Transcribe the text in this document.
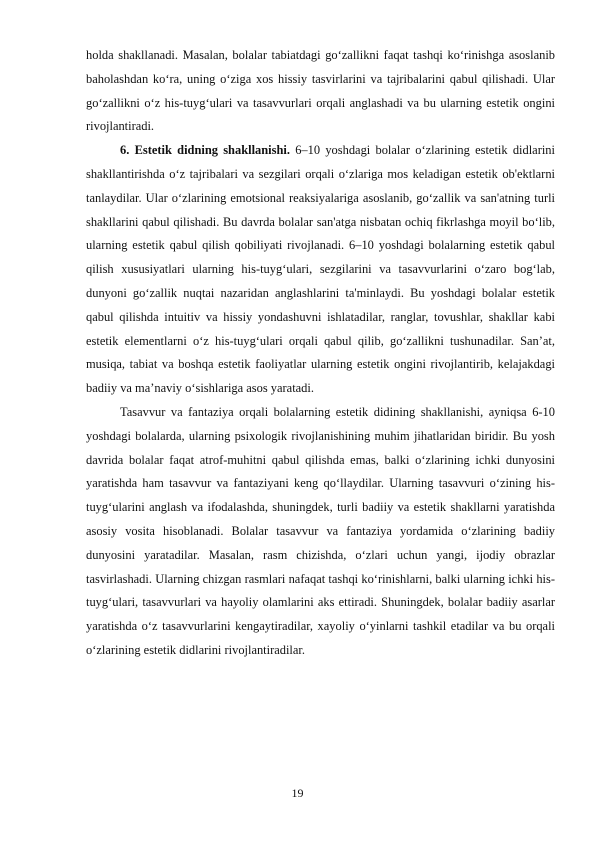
holda shakllanadi. Masalan, bolalar tabiatdagi go‘zallikni faqat tashqi ko‘rinishga asoslanib baholashdan ko‘ra, uning o‘ziga xos hissiy tasvirlarini va tajribalarini qabul qilishadi. Ular go‘zallikni o‘z his-tuyg‘ulari va tasavvurlari orqali anglashadi va bu ularning estetik ongini rivojlantiradi.

6. Estetik didning shakllanishi. 6–10 yoshdagi bolalar o‘zlarining estetik didlarini shakllantirishda o‘z tajribalari va sezgilari orqali o‘zlariga mos keladigan estetik ob'ektlarni tanlaydilar. Ular o‘zlarining emotsional reaksiyalariga asoslanib, go‘zallik va san'atning turli shakllarini qabul qilishadi. Bu davrda bolalar san'atga nisbatan ochiq fikrlashga moyil bo‘lib, ularning estetik qabul qilish qobiliyati rivojlanadi. 6–10 yoshdagi bolalarning estetik qabul qilish xususiyatlari ularning his-tuyg‘ulari, sezgilarini va tasavvurlarini o‘zaro bog‘lab, dunyoni go‘zallik nuqtai nazaridan anglashlarini ta'minlaydi. Bu yoshdagi bolalar estetik qabul qilishda intuitiv va hissiy yondashuvni ishlatadilar, ranglar, tovushlar, shakllar kabi estetik elementlarni o‘z his-tuyg‘ulari orqali qabul qilib, go‘zallikni tushunadilar. San’at, musiqa, tabiat va boshqa estetik faoliyatlar ularning estetik ongini rivojlantirib, kelajakdagi badiiy va ma’naviy o‘sishlariga asos yaratadi.

Tasavvur va fantaziya orqali bolalarning estetik didining shakllanishi, ayniqsa 6-10 yoshdagi bolalarda, ularning psixologik rivojlanishining muhim jihatlaridan biridir. Bu yosh davrida bolalar faqat atrof-muhitni qabul qilishda emas, balki o‘zlarining ichki dunyosini yaratishda ham tasavvur va fantaziyani keng qo‘llaydilar. Ularning tasavvuri o‘zining his-tuyg‘ularini anglash va ifodalashda, shuningdek, turli badiiy va estetik shakllarni yaratishda asosiy vosita hisoblanadi. Bolalar tasavvur va fantaziya yordamida o‘zlarining badiiy dunyosini yaratadilar. Masalan, rasm chizishda, o‘zlari uchun yangi, ijodiy obrazlar tasvirlashadi. Ularning chizgan rasmlari nafaqat tashqi ko‘rinishlarni, balki ularning ichki his-tuyg‘ulari, tasavvurlari va hayoliy olamlarini aks ettiradi. Shuningdek, bolalar badiiy asarlar yaratishda o‘z tasavvurlarini kengaytiradilar, xayoliy o‘yinlarni tashkil etadilar va bu orqali o‘zlarining estetik didlarini rivojlantiradilar.

19
